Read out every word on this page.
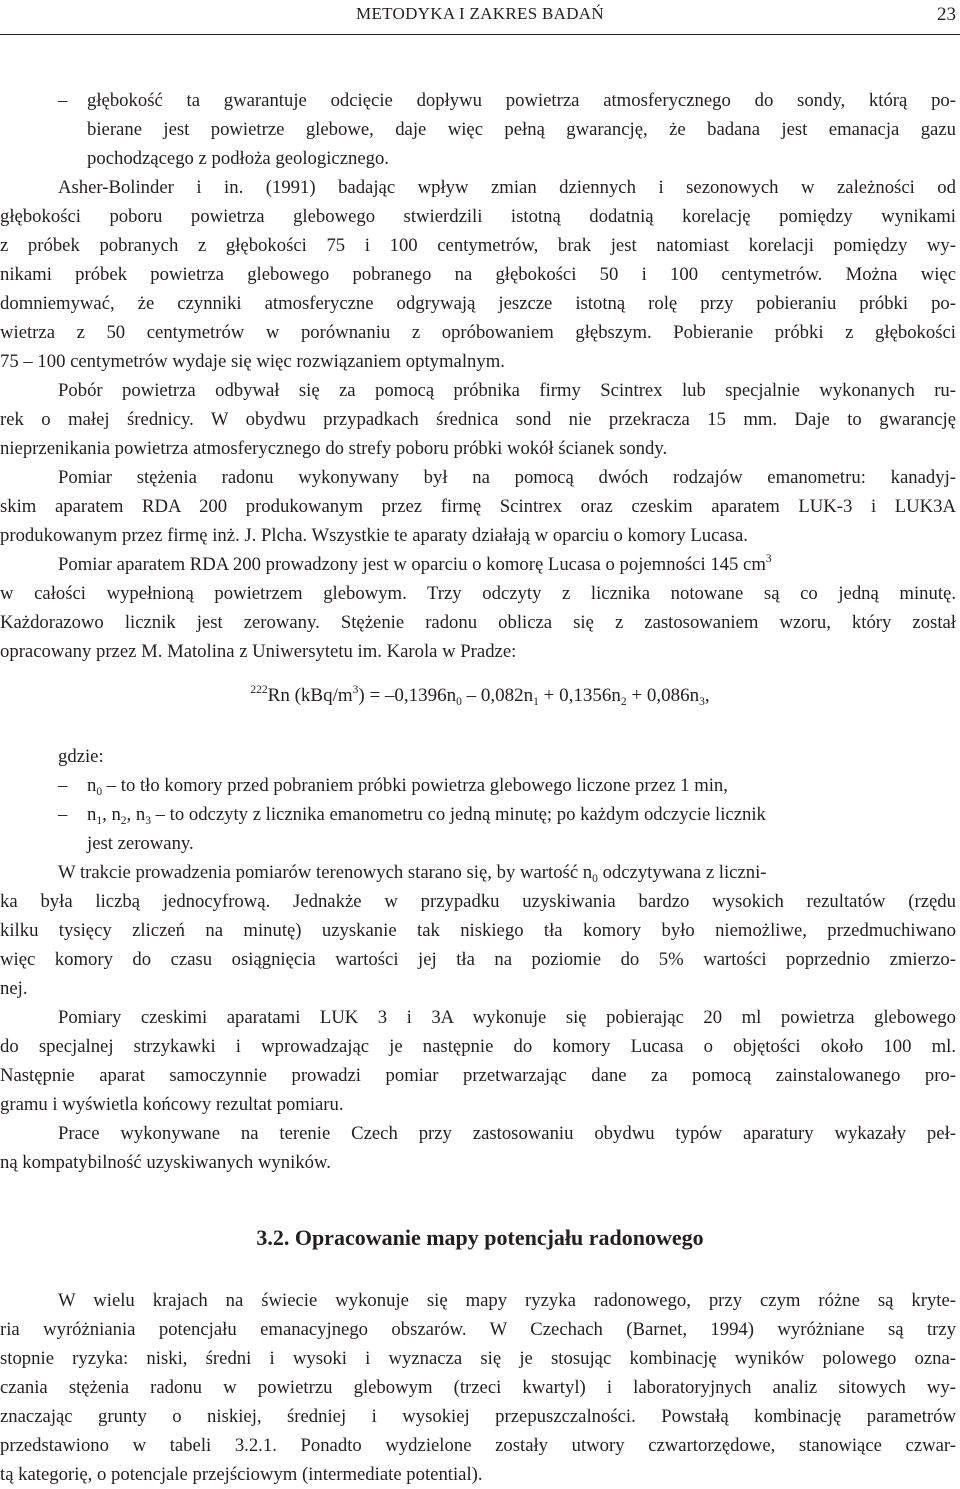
METODYKA I ZAKRES BADAŃ	23
– głębokość ta gwarantuje odcięcie dopływu powietrza atmosferycznego do sondy, którą po-
bierane jest powietrze glebowe, daje więc pełną gwarancję, że badana jest emanacja gazu
pochodzącego z podłoża geologicznego.
Asher-Bolinder i in. (1991) badając wpływ zmian dziennych i sezonowych w zależności od
głębokości poboru powietrza glebowego stwierdzili istotną dodatnią korelację pomiędzy wynikami
z próbek pobranych z głębokości 75 i 100 centymetrów, brak jest natomiast korelacji pomiędzy wy-
nikami próbek powietrza glebowego pobranego na głębokości 50 i 100 centymetrów. Można więc
domniemywać, że czynniki atmosferyczne odgrywają jeszcze istotną rolę przy pobieraniu próbki po-
wietrza z 50 centymetrów w porównaniu z opróbowaniem głębszym. Pobieranie próbki z głębokości
75 – 100 centymetrów wydaje się więc rozwiązaniem optymalnym.
Pobór powietrza odbywał się za pomocą próbnika firmy Scintrex lub specjalnie wykonanych ru-
rek o małej średnicy. W obydwu przypadkach średnica sond nie przekracza 15 mm. Daje to gwarancję
nieprzenikania powietrza atmosferycznego do strefy poboru próbki wokół ścianek sondy.
Pomiar stężenia radonu wykonywany był na pomocą dwóch rodzajów emanometru: kanadyj-
skim aparatem RDA 200 produkowanym przez firmę Scintrex oraz czeskim aparatem LUK-3 i LUK3A
produkowanym przez firmę inż. J. Plcha. Wszystkie te aparaty działają w oparciu o komory Lucasa.
Pomiar aparatem RDA 200 prowadzony jest w oparciu o komorę Lucasa o pojemności 145 $cm^3$
w całości wypełnioną powietrzem glebowym. Trzy odczyty z licznika notowane są co jedną minutę.
Każdorazowo licznik jest zerowany. Stężenie radonu oblicza się z zastosowaniem wzoru, który został
opracowany przez M. Matolina z Uniwersytetu im. Karola w Pradze:
$^{222}$Rn $(kBq/m^3) = -0,1396n_0 - 0,082n_1 + 0,1356n_2 + 0,086n_3$,
gdzie:
– $n_0$ – to tło komory przed pobraniem próbki powietrza glebowego liczone przez 1 min,
– $n_1$, $n_2$, $n_3$ – to odczyty z licznika emanometru co jedną minutę; po każdym odczycie licznik
jest zerowany.
W trakcie prowadzenia pomiarów terenowych starano się, by wartość $n_0$ odczytywana z liczni-
ka była liczbą jednocyfrową. Jednakże w przypadku uzyskiwania bardzo wysokich rezultatów (rzędu
kilku tysięcy zliczeń na minutę) uzyskanie tak niskiego tła komory było niemożliwe, przedmuchiwano
więc komory do czasu osiągnięcia wartości jej tła na poziomie do 5% wartości poprzednio zmierzo-
nej.
Pomiary czeskimi aparatami LUK 3 i 3A wykonuje się pobierając 20 ml powietrza glebowego
do specjalnej strzykawki i wprowadzając je następnie do komory Lucasa o objętości około 100 ml.
Następnie aparat samoczynnie prowadzi pomiar przetwarzając dane za pomocą zainstalowanego pro-
gramu i wyświetla końcowy rezultat pomiaru.
Prace wykonywane na terenie Czech przy zastosowaniu obydwu typów aparatury wykazały peł-
ną kompatybilność uzyskiwanych wyników.
3.2. Opracowanie mapy potencjału radonowego
W wielu krajach na świecie wykonuje się mapy ryzyka radonowego, przy czym różne są kryte-
ria wyróżniania potencjału emanacyjnego obszarów. W Czechach (Barnet, 1994) wyróżniane są trzy
stopnie ryzyka: niski, średni i wysoki i wyznacza się je stosując kombinację wyników polowego ozna-
czania stężenia radonu w powietrzu glebowym (trzeci kwartyl) i laboratoryjnych analiz sitowych wy-
znaczając grunty o niskiej, średniej i wysokiej przepuszczalności. Powstałą kombinację parametrów
przedstawiono w tabeli 3.2.1. Ponadto wydzielone zostały utwory czwartorzędowe, stanowiące czwar-
tą kategorię, o potencjale przejściowym (intermediate potential).
